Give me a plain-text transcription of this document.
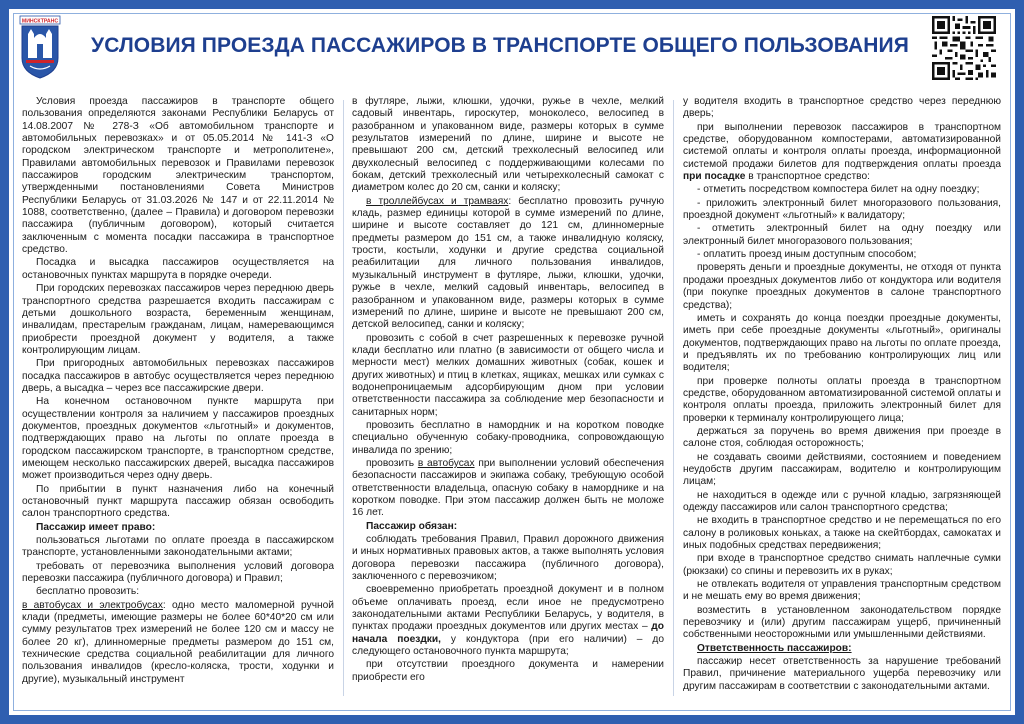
МИНСКТРАНС
УСЛОВИЯ ПРОЕЗДА ПАССАЖИРОВ В ТРАНСПОРТЕ ОБЩЕГО ПОЛЬЗОВАНИЯ

Условия проезда пассажиров в транспорте общего пользования определяются законами Республики Беларусь от 14.08.2007 № 278-З «Об автомобильном транспорте и автомобильных перевозках» и от 05.05.2014 № 141-З «О городском электрическом транспорте и метрополитене», Правилами автомобильных перевозок и Правилами перевозок пассажиров городским электрическим транспортом, утвержденными постановлениями Совета Министров Республики Беларусь от 31.03.2026 № 147 и от 22.11.2014 № 1088, соответственно, (далее – Правила) и договором перевозки пассажира (публичным договором), который считается заключенным с момента посадки пассажира в транспортное средство.

Посадка и высадка пассажиров осуществляется на остановочных пунктах маршрута в порядке очереди.

При городских перевозках пассажиров через переднюю дверь транспортного средства разрешается входить пассажирам с детьми дошкольного возраста, беременным женщинам, инвалидам, престарелым гражданам, лицам, намеревающимся приобрести проездной документ у водителя, а также контролирующим лицам.

При пригородных автомобильных перевозках пассажиров посадка пассажиров в автобус осуществляется через переднюю дверь, а высадка – через все пассажирские двери.

На конечном остановочном пункте маршрута при осуществлении контроля за наличием у пассажиров проездных документов, проездных документов «льготный» и документов, подтверждающих право на льготы по оплате проезда в городском пассажирском транспорте, в транспортном средстве, имеющем несколько пассажирских дверей, высадка пассажиров может производиться через одну дверь.

По прибытии в пункт назначения либо на конечный остановочный пункт маршрута пассажир обязан освободить салон транспортного средства.

Пассажир имеет право:

пользоваться льготами по оплате проезда в пассажирском транспорте, установленными законодательными актами;

требовать от перевозчика выполнения условий договора перевозки пассажира (публичного договора) и Правил;

бесплатно провозить:

в автобусах и электробусах: одно место маломерной ручной клади (предметы, имеющие размеры не более 60*40*20 см или сумму результатов трех измерений не более 120 см и массу не более 20 кг), длинномерные предметы размером до 151 см, технические средства социальной реабилитации для личного пользования инвалидов (кресло-коляска, трости, ходунки и другие), музыкальный инструмент

в футляре, лыжи, клюшки, удочки, ружье в чехле, мелкий садовый инвентарь, гироскутер, моноколесо, велосипед в разобранном и упакованном виде, размеры которых в сумме результатов измерений по длине, ширине и высоте не превышают 200 см, детский трехколесный велосипед или двухколесный велосипед с поддерживающими колесами по бокам, детский трехколесный или четырехколесный самокат с диаметром колес до 20 см, санки и коляску;

в троллейбусах и трамваях: бесплатно провозить ручную кладь, размер единицы которой в сумме измерений по длине, ширине и высоте составляет до 121 см, длинномерные предметы размером до 151 см, а также инвалидную коляску, трости, костыли, ходунки и другие средства социальной реабилитации для личного пользования инвалидов, музыкальный инструмент в футляре, лыжи, клюшки, удочки, ружье в чехле, мелкий садовый инвентарь, велосипед в разобранном и упакованном виде, размеры которых в сумме измерений по длине, ширине и высоте не превышают 200 см, детской велосипед, санки и коляску;

провозить с собой в счет разрешенных к перевозке ручной клади бесплатно или платно (в зависимости от общего числа и мерности мест) мелких домашних животных (собак, кошек и других животных) и птиц в клетках, ящиках, мешках или сумках с водонепроницаемым адсорбирующим дном при условии ответственности пассажира за соблюдение мер безопасности и санитарных норм;

провозить бесплатно в намордник и на коротком поводке специально обученную собаку-проводника, сопровождающую инвалида по зрению;

провозить в автобусах при выполнении условий обеспечения безопасности пассажиров и экипажа собаку, требующую особой ответственности владельца, опасную собаку в наморднике и на коротком поводке. При этом пассажир должен быть не моложе 16 лет.

Пассажир обязан:

соблюдать требования Правил, Правил дорожного движения и иных нормативных правовых актов, а также выполнять условия договора перевозки пассажира (публичного договора), заключенного с перевозчиком;

своевременно приобретать проездной документ и в полном объеме оплачивать проезд, если иное не предусмотрено законодательными актами Республики Беларусь, у водителя, в пунктах продажи проездных документов или других местах – до начала поездки, у кондуктора (при его наличии) – до следующего остановочного пункта маршрута;

при отсутствии проездного документа и намерении приобрести его

у водителя входить в транспортное средство через переднюю дверь;

при выполнении перевозок пассажиров в транспортном средстве, оборудованном компостерами, автоматизированной системой оплаты и контроля оплаты проезда, информационной системой продажи билетов для подтверждения оплаты проезда при посадке в транспортное средство:

- отметить посредством компостера билет на одну поездку;

- приложить электронный билет многоразового пользования, проездной документ «льготный» к валидатору;

- отметить электронный билет на одну поездку или электронный билет многоразового пользования;

- оплатить проезд иным доступным способом;

проверять деньги и проездные документы, не отходя от пункта продажи проездных документов либо от кондуктора или водителя (при покупке проездных документов в салоне транспортного средства);

иметь и сохранять до конца поездки проездные документы, иметь при себе проездные документы «льготный», оригиналы документов, подтверждающих право на льготы по оплате проезда, и предъявлять их по требованию контролирующих лиц или водителя;

при проверке полноты оплаты проезда в транспортном средстве, оборудованном автоматизированной системой оплаты и контроля оплаты проезда, приложить электронный билет для проверки к терминалу контролирующего лица;

держаться за поручень во время движения при проезде в салоне стоя, соблюдая осторожность;

не создавать своими действиями, состоянием и поведением неудобств другим пассажирам, водителю и контролирующим лицам;

не находиться в одежде или с ручной кладью, загрязняющей одежду пассажиров или салон транспортного средства;

не входить в транспортное средство и не перемещаться по его салону в роликовых коньках, а также на скейтбордах, самокатах и иных подобных средствах передвижения;

при входе в транспортное средство снимать наплечные сумки (рюкзаки) со спины и перевозить их в руках;

не отвлекать водителя от управления транспортным средством и не мешать ему во время движения;

возместить в установленном законодательством порядке перевозчику и (или) другим пассажирам ущерб, причиненный собственными неосторожными или умышленными действиями.

Ответственность пассажиров:

пассажир несет ответственность за нарушение требований Правил, причинение материального ущерба перевозчику или другим пассажирам в соответствии с законодательными актами.
